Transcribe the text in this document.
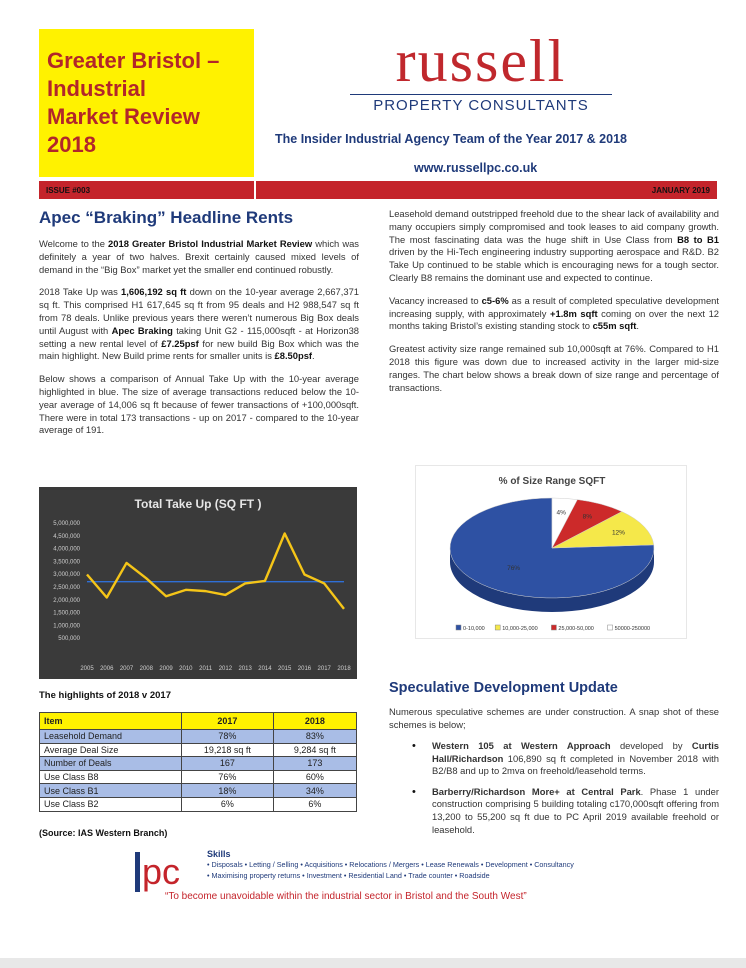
Greater Bristol –
Industrial
Market Review
2018
russell
PROPERTY CONSULTANTS
The Insider Industrial Agency Team of the Year 2017 & 2018
www.russellpc.co.uk
ISSUE #003	JANUARY 2019
Apec “Braking” Headline Rents

Welcome to the 2018 Greater Bristol Industrial Market Review which was definitely a year of two halves. Brexit certainly caused mixed levels of demand in the “Big Box” market yet the smaller end continued robustly.

2018 Take Up was 1,606,192 sq ft down on the 10-year average 2,667,371 sq ft. This comprised H1 617,645 sq ft from 95 deals and H2 988,547 sq ft from 78 deals. Unlike previous years there weren’t numerous Big Box deals until August with Apec Braking taking Unit G2 - 115,000sqft - at Horizon38 setting a new rental level of £7.25psf for new build Big Box which was the main highlight. New Build prime rents for smaller units is £8.50psf.

Below shows a comparison of Annual Take Up with the 10-year average highlighted in blue. The size of average transactions reduced below the 10-year average of 14,006 sq ft because of fewer transactions of +100,000sqft. There were in total 173 transactions - up on 2017 - compared to the 10-year average of 191.

Leasehold demand outstripped freehold due to the shear lack of availability and many occupiers simply compromised and took leases to aid company growth. The most fascinating data was the huge shift in Use Class from B8 to B1 driven by the Hi-Tech engineering industry supporting aerospace and R&D. B2 Take Up continued to be stable which is encouraging news for a tough sector. Clearly B8 remains the dominant use and expected to continue.

Vacancy increased to c5-6% as a result of completed speculative development increasing supply, with approximately +1.8m sqft coming on over the next 12 months taking Bristol’s existing standing stock to c55m sqft.

Greatest activity size range remained sub 10,000sqft at 76%. Compared to H1 2018 this figure was down due to increased activity in the larger mid-size ranges. The chart below shows a break down of size range and percentage of transactions.

Total Take Up (SQ FT )
500,000
1,000,000
1,500,000
2,000,000
2,500,000
3,000,000
3,500,000
4,000,000
4,500,000
5,000,000
2005 2006 2007 2008 2009 2010 2011 2012 2013 2014 2015 2016 2017 2018
% of Size Range SQFT
76%
12%
8%
4%
0-10,000	10,000-25,000	25,000-50,000	50000-250000
The highlights of 2018 v 2017
Item	2017	2018
Leasehold Demand	78%	83%
Average Deal Size	19,218 sq ft	9,284 sq ft
Number of Deals	167	173
Use Class B8	76%	60%
Use Class B1	18%	34%
Use Class B2	6%	6%
(Source: IAS Western Branch)
Speculative Development Update

Numerous speculative schemes are under construction. A snap shot of these schemes is below;

• Western 105 at Western Approach developed by Curtis Hall/Richardson 106,890 sq ft completed in November 2018 with B2/B8 and up to 2mva on freehold/leasehold terms.
• Barberry/Richardson More+ at Central Park. Phase 1 under construction comprising 5 building totaling c170,000sqft offering from 13,200 to 55,200 sq ft due to PC April 2019 available freehold or leasehold.
pc	Skills
• Disposals • Letting / Selling • Acquisitions • Relocations / Mergers • Lease Renewals • Development • Consultancy
• Maximising property returns • Investment • Residential Land • Trade counter • Roadside
“To become unavoidable within the industrial sector in Bristol and the South West”
